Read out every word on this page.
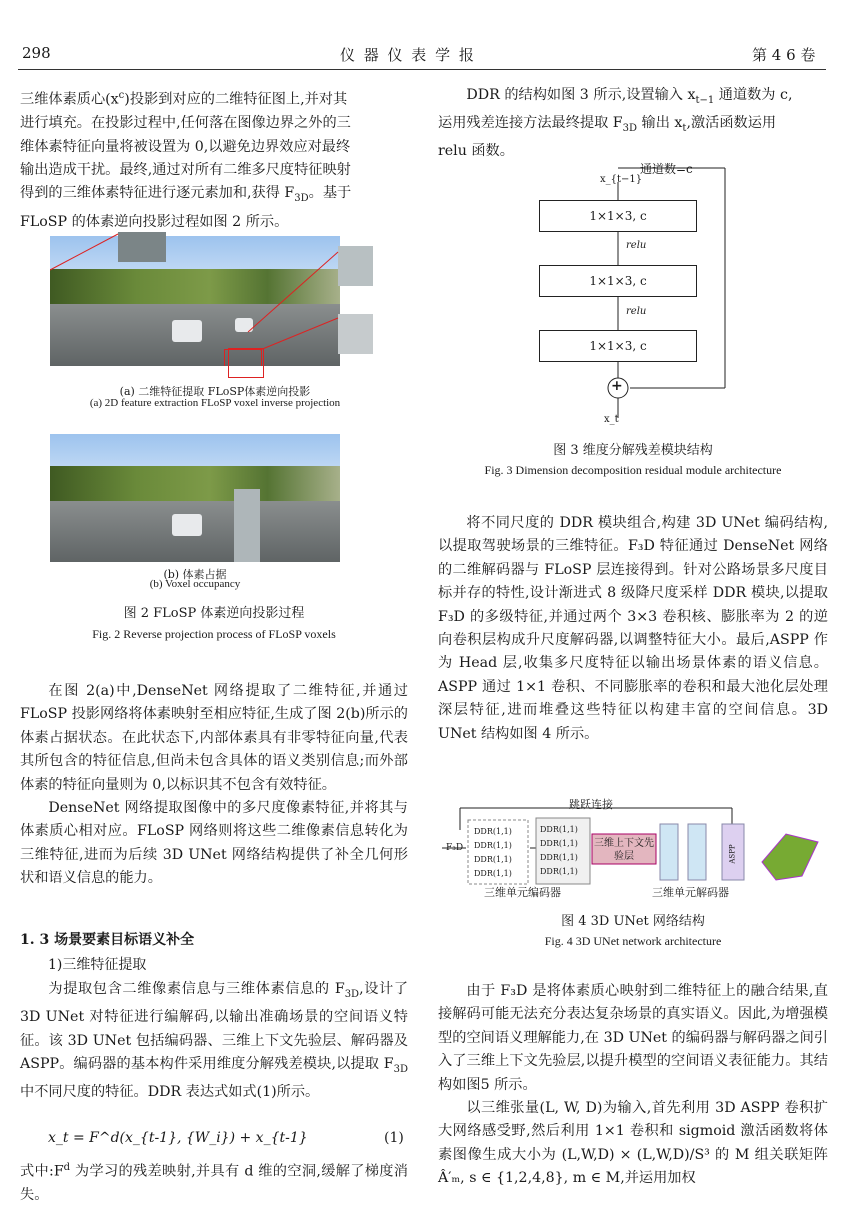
298	仪 器 仪 表 学 报	第 4 6 卷

三维体素质心$(x^c)$投影到对应的二维特征图上,并对其

进行填充。在投影过程中,任何落在图像边界之外的三

维体素特征向量将被设置为 0,以避免边界效应对最终

输出造成干扰。最终,通过对所有二维多尺度特征映射

得到的三维体素特征进行逐元素加和,获得 $F_{3D}$。基于

FLoSP 的体素逆向投影过程如图 2 所示。

(a) 二维特征提取 FLoSP体素逆向投影
(a) 2D feature extraction FLoSP voxel inverse projection
(b) 体素占据
(b) Voxel occupancy
图 2 FLoSP 体素逆向投影过程
Fig. 2 Reverse projection process of FLoSP voxels

在图 2(a)中,DenseNet 网络提取了二维特征,并通过 FLoSP 投影网络将体素映射至相应特征,生成了图 2(b)所示的体素占据状态。在此状态下,内部体素具有非零特征向量,代表其所包含的特征信息,但尚未包含具体的语义类别信息;而外部体素的特征向量则为 0,以标识其不包含有效特征。

DenseNet 网络提取图像中的多尺度像素特征,并将其与体素质心相对应。FLoSP 网络则将这些二维像素信息转化为三维特征,进而为后续 3D UNet 网络结构提供了补全几何形状和语义信息的能力。

1. 3 场景要素目标语义补全
1)三维特征提取

为提取包含二维像素信息与三维体素信息的 $F_{3D}$,设计了 3D UNet 对特征进行编解码,以输出准确场景的空间语义特征。该 3D UNet 包括编码器、三维上下文先验层、解码器及 ASPP。编码器的基本构件采用维度分解残差模块,以提取 $F_{3D}$ 中不同尺度的特征。DDR 表达式如式(1)所示。

x_t = F^d(x_{t-1}, {W_i}) + x_{t-1}	(1)

式中$:F^d$ 为学习的残差映射,并具有 d 维的空洞,缓解了梯度消失。

DDR 的结构如图 3 所示,设置输入 $x_{t-1}$ 通道数为 c,

运用残差连接方法最终提取 $F_{3D}$ 输出 $x_t$,激活函数运用

relu 函数。

x_{t−1}
通道数=c
1×1×3, c
relu
1×1×3, c
relu
1×1×3, c
+
x_t
图 3 维度分解残差模块结构
Fig. 3 Dimension decomposition residual module architecture

将不同尺度的 DDR 模块组合,构建 3D UNet 编码结构,以提取驾驶场景的三维特征。F₃D 特征通过 DenseNet 网络的二维解码器与 FLoSP 层连接得到。针对公路场景多尺度目标并存的特性,设计渐进式 8 级降尺度采样 DDR 模块,以提取 F₃D 的多级特征,并通过两个 3×3 卷积核、膨胀率为 2 的逆向卷积层构成升尺度解码器,以调整特征大小。最后,ASPP 作为 Head 层,收集多尺度特征以输出场景体素的语义信息。ASPP 通过 1×1 卷积、不同膨胀率的卷积和最大池化层处理深层特征,进而堆叠这些特征以构建丰富的空间信息。3D UNet 结构如图 4 所示。

跳跃连接
F₃D
DDR(1,1)
DDR(1,1)
DDR(1,1)
DDR(1,1)
DDR(1,1)
DDR(1,1)
DDR(1,1)
DDR(1,1)
三维上下文先验层	ASPP
三维单元编码器	三维单元解码器
图 4 3D UNet 网络结构
Fig. 4 3D UNet network architecture

由于 F₃D 是将体素质心映射到二维特征上的融合结果,直接解码可能无法充分表达复杂场景的真实语义。因此,为增强模型的空间语义理解能力,在 3D UNet 的编码器与解码器之间引入了三维上下文先验层,以提升模型的空间语义表征能力。其结构如图5 所示。

以三维张量(L, W, D)为输入,首先利用 3D ASPP 卷积扩大网络感受野,然后利用 1×1 卷积和 sigmoid 激活函数将体素图像生成大小为 (L,W,D) × (L,W,D)/S³ 的 M 组关联矩阵 Â′ₘ, s ∈ {1,2,4,8}, m ∈ M,并运用加权
